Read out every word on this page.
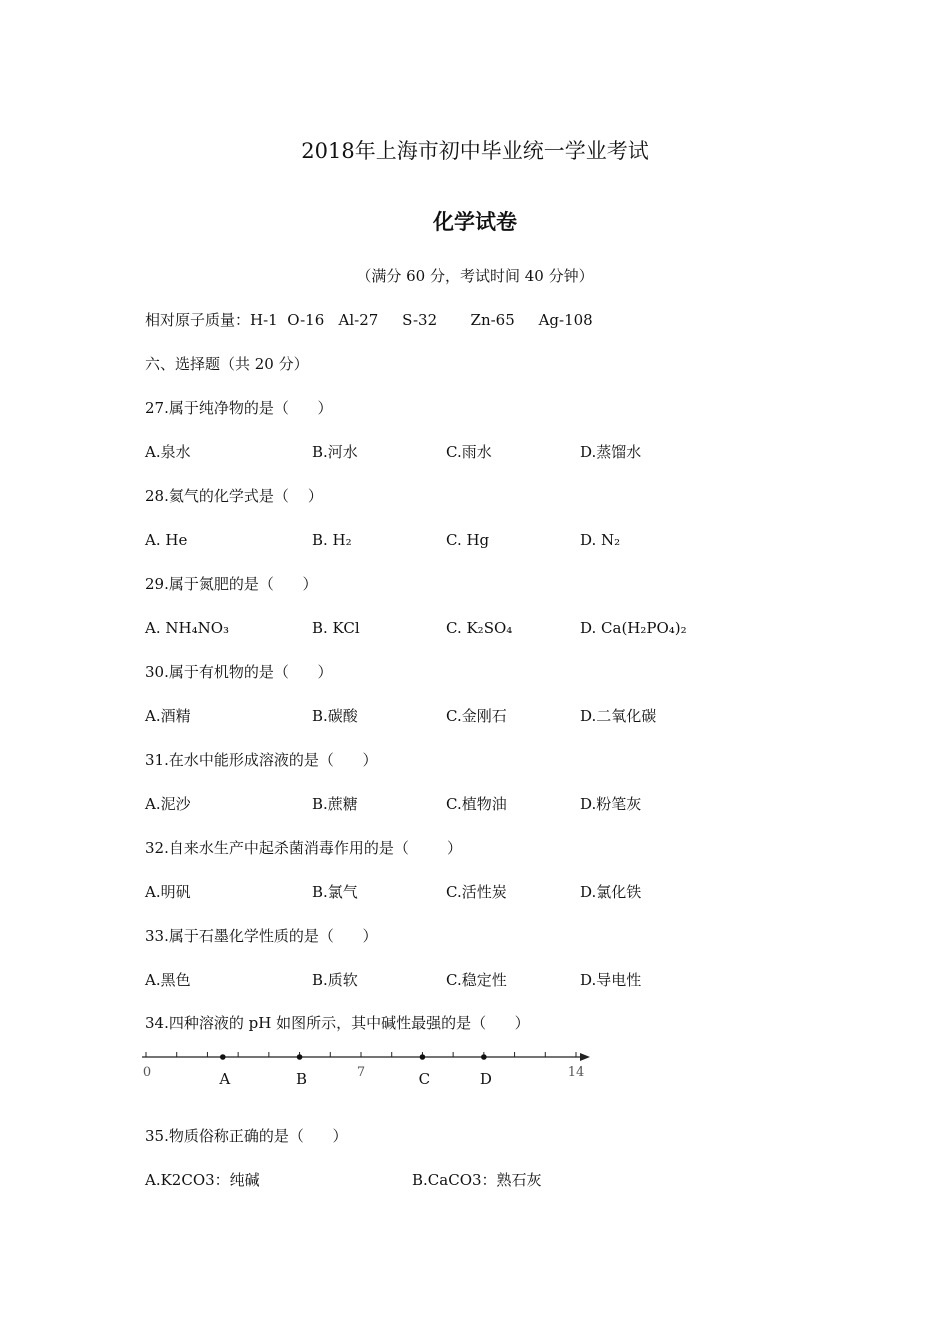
2018年上海市初中毕业统一学业考试
化学试卷
（满分 60 分，考试时间 40 分钟）
相对原子质量：H-1  O-16   Al-27     S-32       Zn-65     Ag-108
六、选择题（共 20 分）
27.属于纯净物的是（      ）
A.泉水	B.河水	C.雨水	D.蒸馏水
28.氦气的化学式是（    ）
A. He	B. H₂	C. Hg	D. N₂
29.属于氮肥的是（      ）
A. NH₄NO₃	B. KCl	C. K₂SO₄	D. Ca(H₂PO₄)₂
30.属于有机物的是（      ）
A.酒精	B.碳酸	C.金刚石	D.二氧化碳
31.在水中能形成溶液的是（      ）
A.泥沙	B.蔗糖	C.植物油	D.粉笔灰
32.自来水生产中起杀菌消毒作用的是（        ）
A.明矾	B.氯气	C.活性炭	D.氯化铁
33.属于石墨化学性质的是（      ）
A.黑色	B.质软	C.稳定性	D.导电性
34.四种溶液的 pH 如图所示，其中碱性最强的是（      ）
0	7	14
A	B	C	D
35.物质俗称正确的是（      ）
A.K2CO3：纯碱	B.CaCO3：熟石灰
